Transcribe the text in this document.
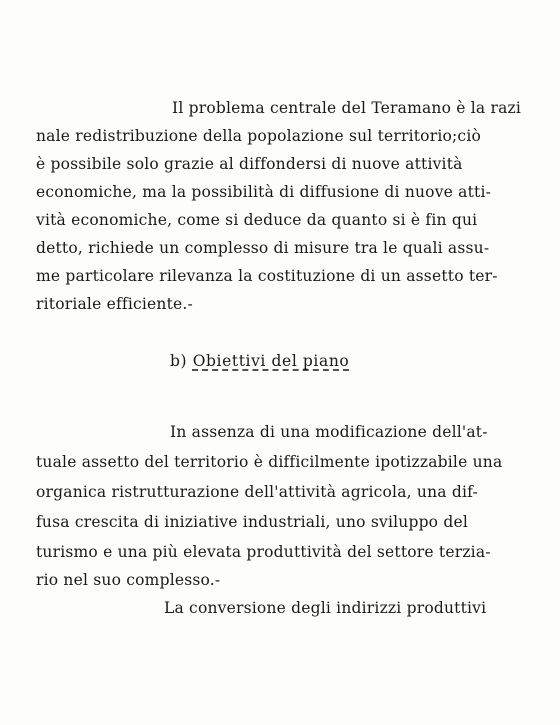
Il problema centrale del Teramano è la razi
nale redistribuzione della popolazione sul territorio;ciò
è possibile solo grazie al diffondersi di nuove attività
economiche, ma la possibilità di diffusione di nuove atti-
vità economiche, come si deduce da quanto si è fin qui
detto, richiede un complesso di misure tra le quali assu-
me particolare rilevanza la costituzione di un assetto ter-
ritoriale efficiente.-
b) Obiettivi del piano
In assenza di una modificazione dell'at-
tuale assetto del territorio è difficilmente ipotizzabile una
organica ristrutturazione dell'attività agricola, una dif-
fusa crescita di iniziative industriali, uno sviluppo del
turismo e una più elevata produttività del settore terzia-
rio nel suo complesso.-
La conversione degli indirizzi produttivi
